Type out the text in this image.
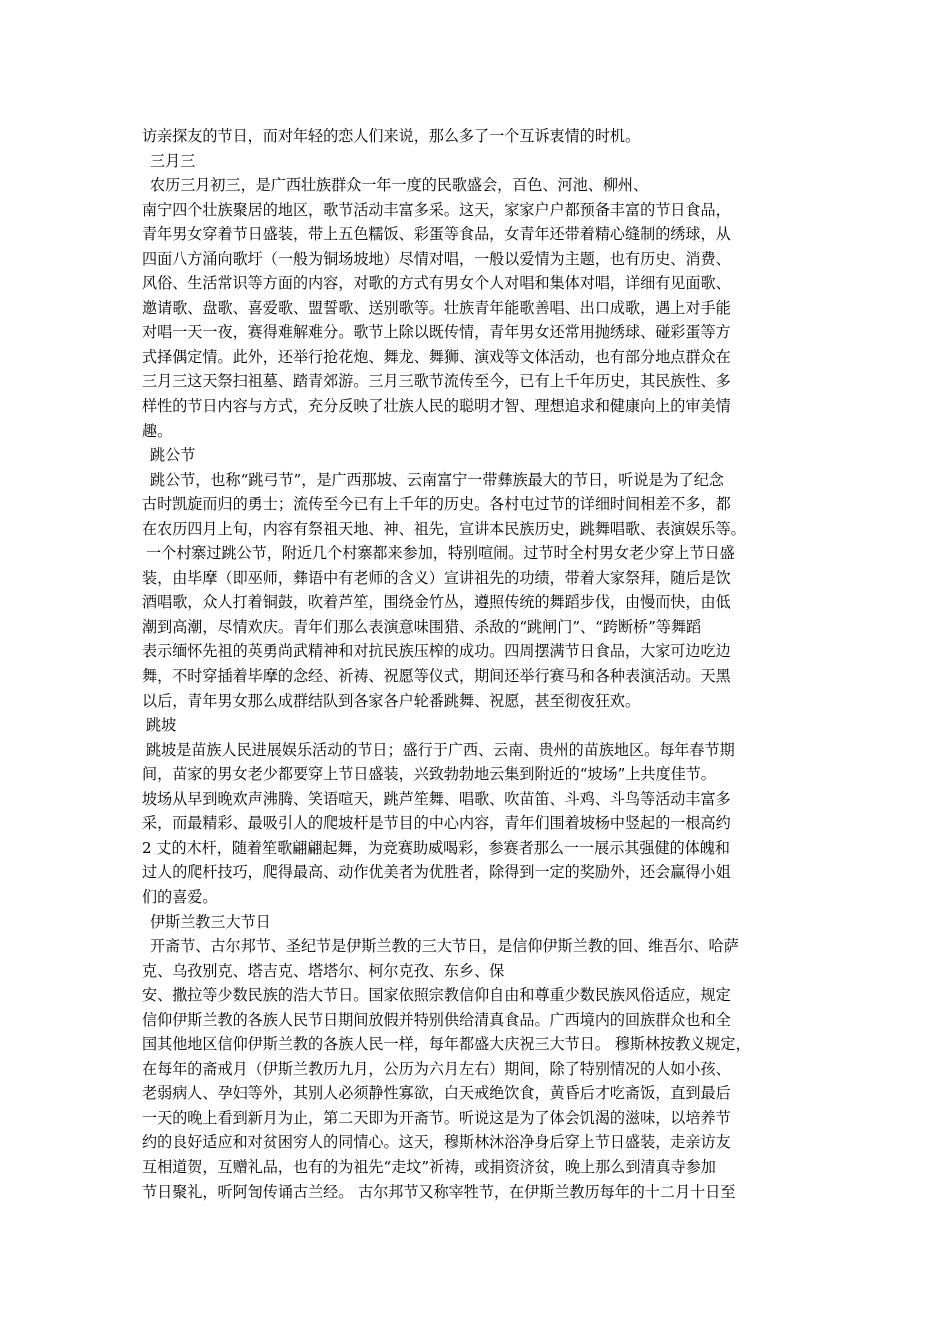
访亲探友的节日，而对年轻的恋人们来说，那么多了一个互诉衷情的时机。
三月三
农历三月初三，是广西壮族群众一年一度的民歌盛会，百色、河池、柳州、
南宁四个壮族聚居的地区，歌节活动丰富多采。这天，家家户户都预备丰富的节日食品，
青年男女穿着节日盛装，带上五色糯饭、彩蛋等食品，女青年还带着精心缝制的绣球，从
四面八方涌向歌圩（一般为铜场坡地）尽情对唱，一般以爱情为主题，也有历史、消费、
风俗、生活常识等方面的内容，对歌的方式有男女个人对唱和集体对唱，详细有见面歌、
邀请歌、盘歌、喜爱歌、盟誓歌、送别歌等。壮族青年能歌善唱、出口成歌，遇上对手能
对唱一天一夜，赛得难解难分。歌节上除以既传情，青年男女还常用抛绣球、碰彩蛋等方
式择偶定情。此外，还举行抢花炮、舞龙、舞狮、演戏等文体活动，也有部分地点群众在
三月三这天祭扫祖墓、踏青郊游。三月三歌节流传至今，已有上千年历史，其民族性、多
样性的节日内容与方式，充分反映了壮族人民的聪明才智、理想追求和健康向上的审美情
趣。
跳公节
跳公节，也称“跳弓节”，是广西那坡、云南富宁一带彝族最大的节日，听说是为了纪念
古时凯旋而归的勇士；流传至今已有上千年的历史。各村屯过节的详细时间相差不多，都
在农历四月上旬，内容有祭祖天地、神、祖先，宣讲本民族历史，跳舞唱歌、表演娱乐等。
一个村寨过跳公节，附近几个村寨都来参加，特别喧闹。过节时全村男女老少穿上节日盛
装，由毕摩（即巫师，彝语中有老师的含义）宣讲祖先的功绩，带着大家祭拜，随后是饮
酒唱歌，众人打着铜鼓，吹着芦笙，围绕金竹丛，遵照传统的舞蹈步伐，由慢而快，由低
潮到高潮，尽情欢庆。青年们那么表演意味围猎、杀敌的“跳闸门”、“跨断桥”等舞蹈
表示缅怀先祖的英勇尚武精神和对抗民族压榨的成功。四周摆满节日食品，大家可边吃边
舞，不时穿插着毕摩的念经、祈祷、祝愿等仪式，期间还举行赛马和各种表演活动。天黑
以后，青年男女那么成群结队到各家各户轮番跳舞、祝愿，甚至彻夜狂欢。
跳坡
跳坡是苗族人民进展娱乐活动的节日；盛行于广西、云南、贵州的苗族地区。每年春节期
间，苗家的男女老少都要穿上节日盛装，兴致勃勃地云集到附近的“坡场”上共度佳节。
坡场从早到晚欢声沸腾、笑语喧天，跳芦笙舞、唱歌、吹苗笛、斗鸡、斗鸟等活动丰富多
采，而最精彩、最吸引人的爬坡杆是节目的中心内容，青年们围着坡杨中竖起的一根高约
2 丈的木杆，随着笙歌翩翩起舞，为竞赛助威喝彩，参赛者那么一一展示其强健的体魄和
过人的爬杆技巧，爬得最高、动作优美者为优胜者，除得到一定的奖励外，还会赢得小姐
们的喜爱。
伊斯兰教三大节日
开斋节、古尔邦节、圣纪节是伊斯兰教的三大节日，是信仰伊斯兰教的回、维吾尔、哈萨
克、乌孜别克、塔吉克、塔塔尔、柯尔克孜、东乡、保
安、撒拉等少数民族的浩大节日。国家依照宗教信仰自由和尊重少数民族风俗适应，规定
信仰伊斯兰教的各族人民节日期间放假并特别供给清真食品。广西境内的回族群众也和全
国其他地区信仰伊斯兰教的各族人民一样，每年都盛大庆祝三大节日。 穆斯林按教义规定，
在每年的斋戒月（伊斯兰教历九月，公历为六月左右）期间，除了特别情况的人如小孩、
老弱病人、孕妇等外，其别人必须静性寡欲，白天戒绝饮食，黄昏后才吃斋饭，直到最后
一天的晚上看到新月为止，第二天即为开斋节。听说这是为了体会饥渴的滋味，以培养节
约的良好适应和对贫困穷人的同情心。这天，穆斯林沐浴净身后穿上节日盛装，走亲访友
互相道贺，互赠礼品，也有的为祖先“走坟”祈祷，或捐资济贫，晚上那么到清真寺参加
节日聚礼，听阿訇传诵古兰经。 古尔邦节又称宰牲节，在伊斯兰教历每年的十二月十日至
